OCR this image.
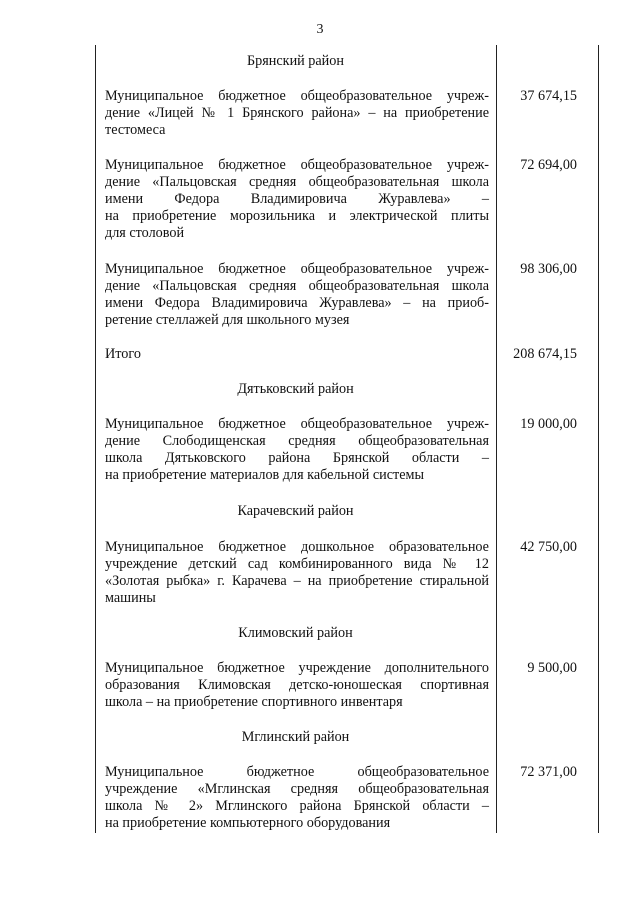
3
Брянский район
Муниципальное бюджетное общеобразовательное учреж-
дение «Лицей № 1 Брянского района» – на приобретение
тестомеса
37 674,15
Муниципальное бюджетное общеобразовательное учреж-
дение «Пальцовская средняя общеобразовательная школа
имени Федора Владимировича Журавлева» –
на приобретение морозильника и электрической плиты
для столовой
72 694,00
Муниципальное бюджетное общеобразовательное учреж-
дение «Пальцовская средняя общеобразовательная школа
имени Федора Владимировича Журавлева» – на приоб-
ретение стеллажей для школьного музея
98 306,00
Итого	208 674,15
Дятьковский район
Муниципальное бюджетное общеобразовательное учреж-
дение Слободищенская средняя общеобразовательная
школа Дятьковского района Брянской области –
на приобретение материалов для кабельной системы
19 000,00
Карачевский район
Муниципальное бюджетное дошкольное образовательное
учреждение детский сад комбинированного вида № 12
«Золотая рыбка» г. Карачева – на приобретение стиральной
машины
42 750,00
Климовский район
Муниципальное бюджетное учреждение дополнительного
образования Климовская детско-юношеская спортивная
школа – на приобретение спортивного инвентаря
9 500,00
Мглинский район
Муниципальное бюджетное общеобразовательное
учреждение «Мглинская средняя общеобразовательная
школа № 2» Мглинского района Брянской области –
на приобретение компьютерного оборудования
72 371,00
